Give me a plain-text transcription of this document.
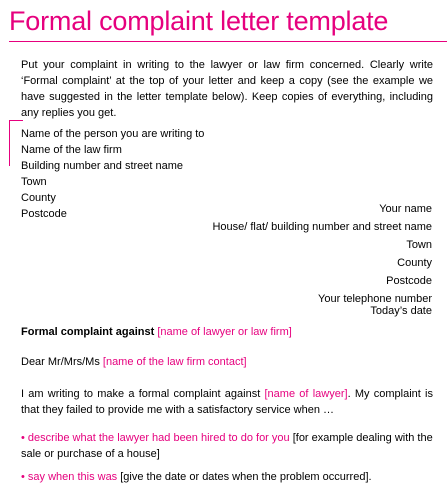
Formal complaint letter template
Put your complaint in writing to the lawyer or law firm concerned. Clearly write ‘Formal complaint’ at the top of your letter and keep a copy (see the example we have suggested in the letter template below). Keep copies of everything, including any replies you get.
Name of the person you are writing to
Name of the law firm
Building number and street name
Town
County
Postcode	Your name
House/ flat/ building number and street name
Town
County
Postcode
Your telephone number
Today’s date
Formal complaint against [name of lawyer or law firm]
Dear Mr/Mrs/Ms [name of the law firm contact]
I am writing to make a formal complaint against [name of lawyer]. My complaint is that they failed to provide me with a satisfactory service when …
• describe what the lawyer had been hired to do for you [for example dealing with the sale or purchase of a house]
• say when this was [give the date or dates when the problem occurred].
